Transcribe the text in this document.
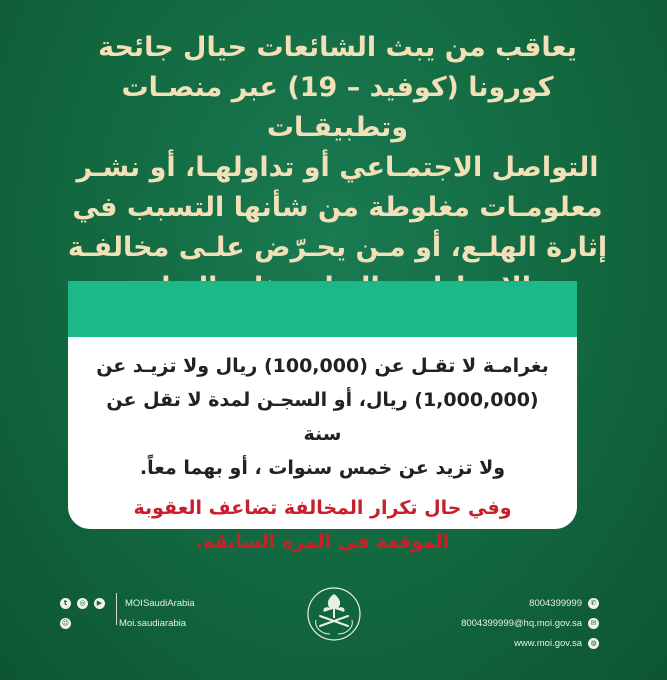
يعاقب من يبث الشائعات حيال جائحة
كورونا (كوفيد – 19) عبر منصـات وتطبيقـات
التواصل الاجتمـاعي أو تداولهـا، أو نشـر
معلومـات مغلوطة من شأنها التسبب في
إثارة الهلـع، أو مـن يحـرّض علـى مخالفـة
بغرامـة لا تقـل عن (100,000) ريال ولا تزيـد عن
(1,000,000) ريال، أو السجـن لمدة لا تقل عن سنة
ولا تزيد عن خمس سنوات ، أو بهما معاً.
وفي حال تكرار المخالفة تضاعف العقوبة
الموقعة في المرة السابقة.
t	◎	▶ MOISaudiArabia
☺	Moi.saudiarabia
8004399999	✆
8004399999@hq.moi.gov.sa	✉
www.moi.gov.sa	◍
